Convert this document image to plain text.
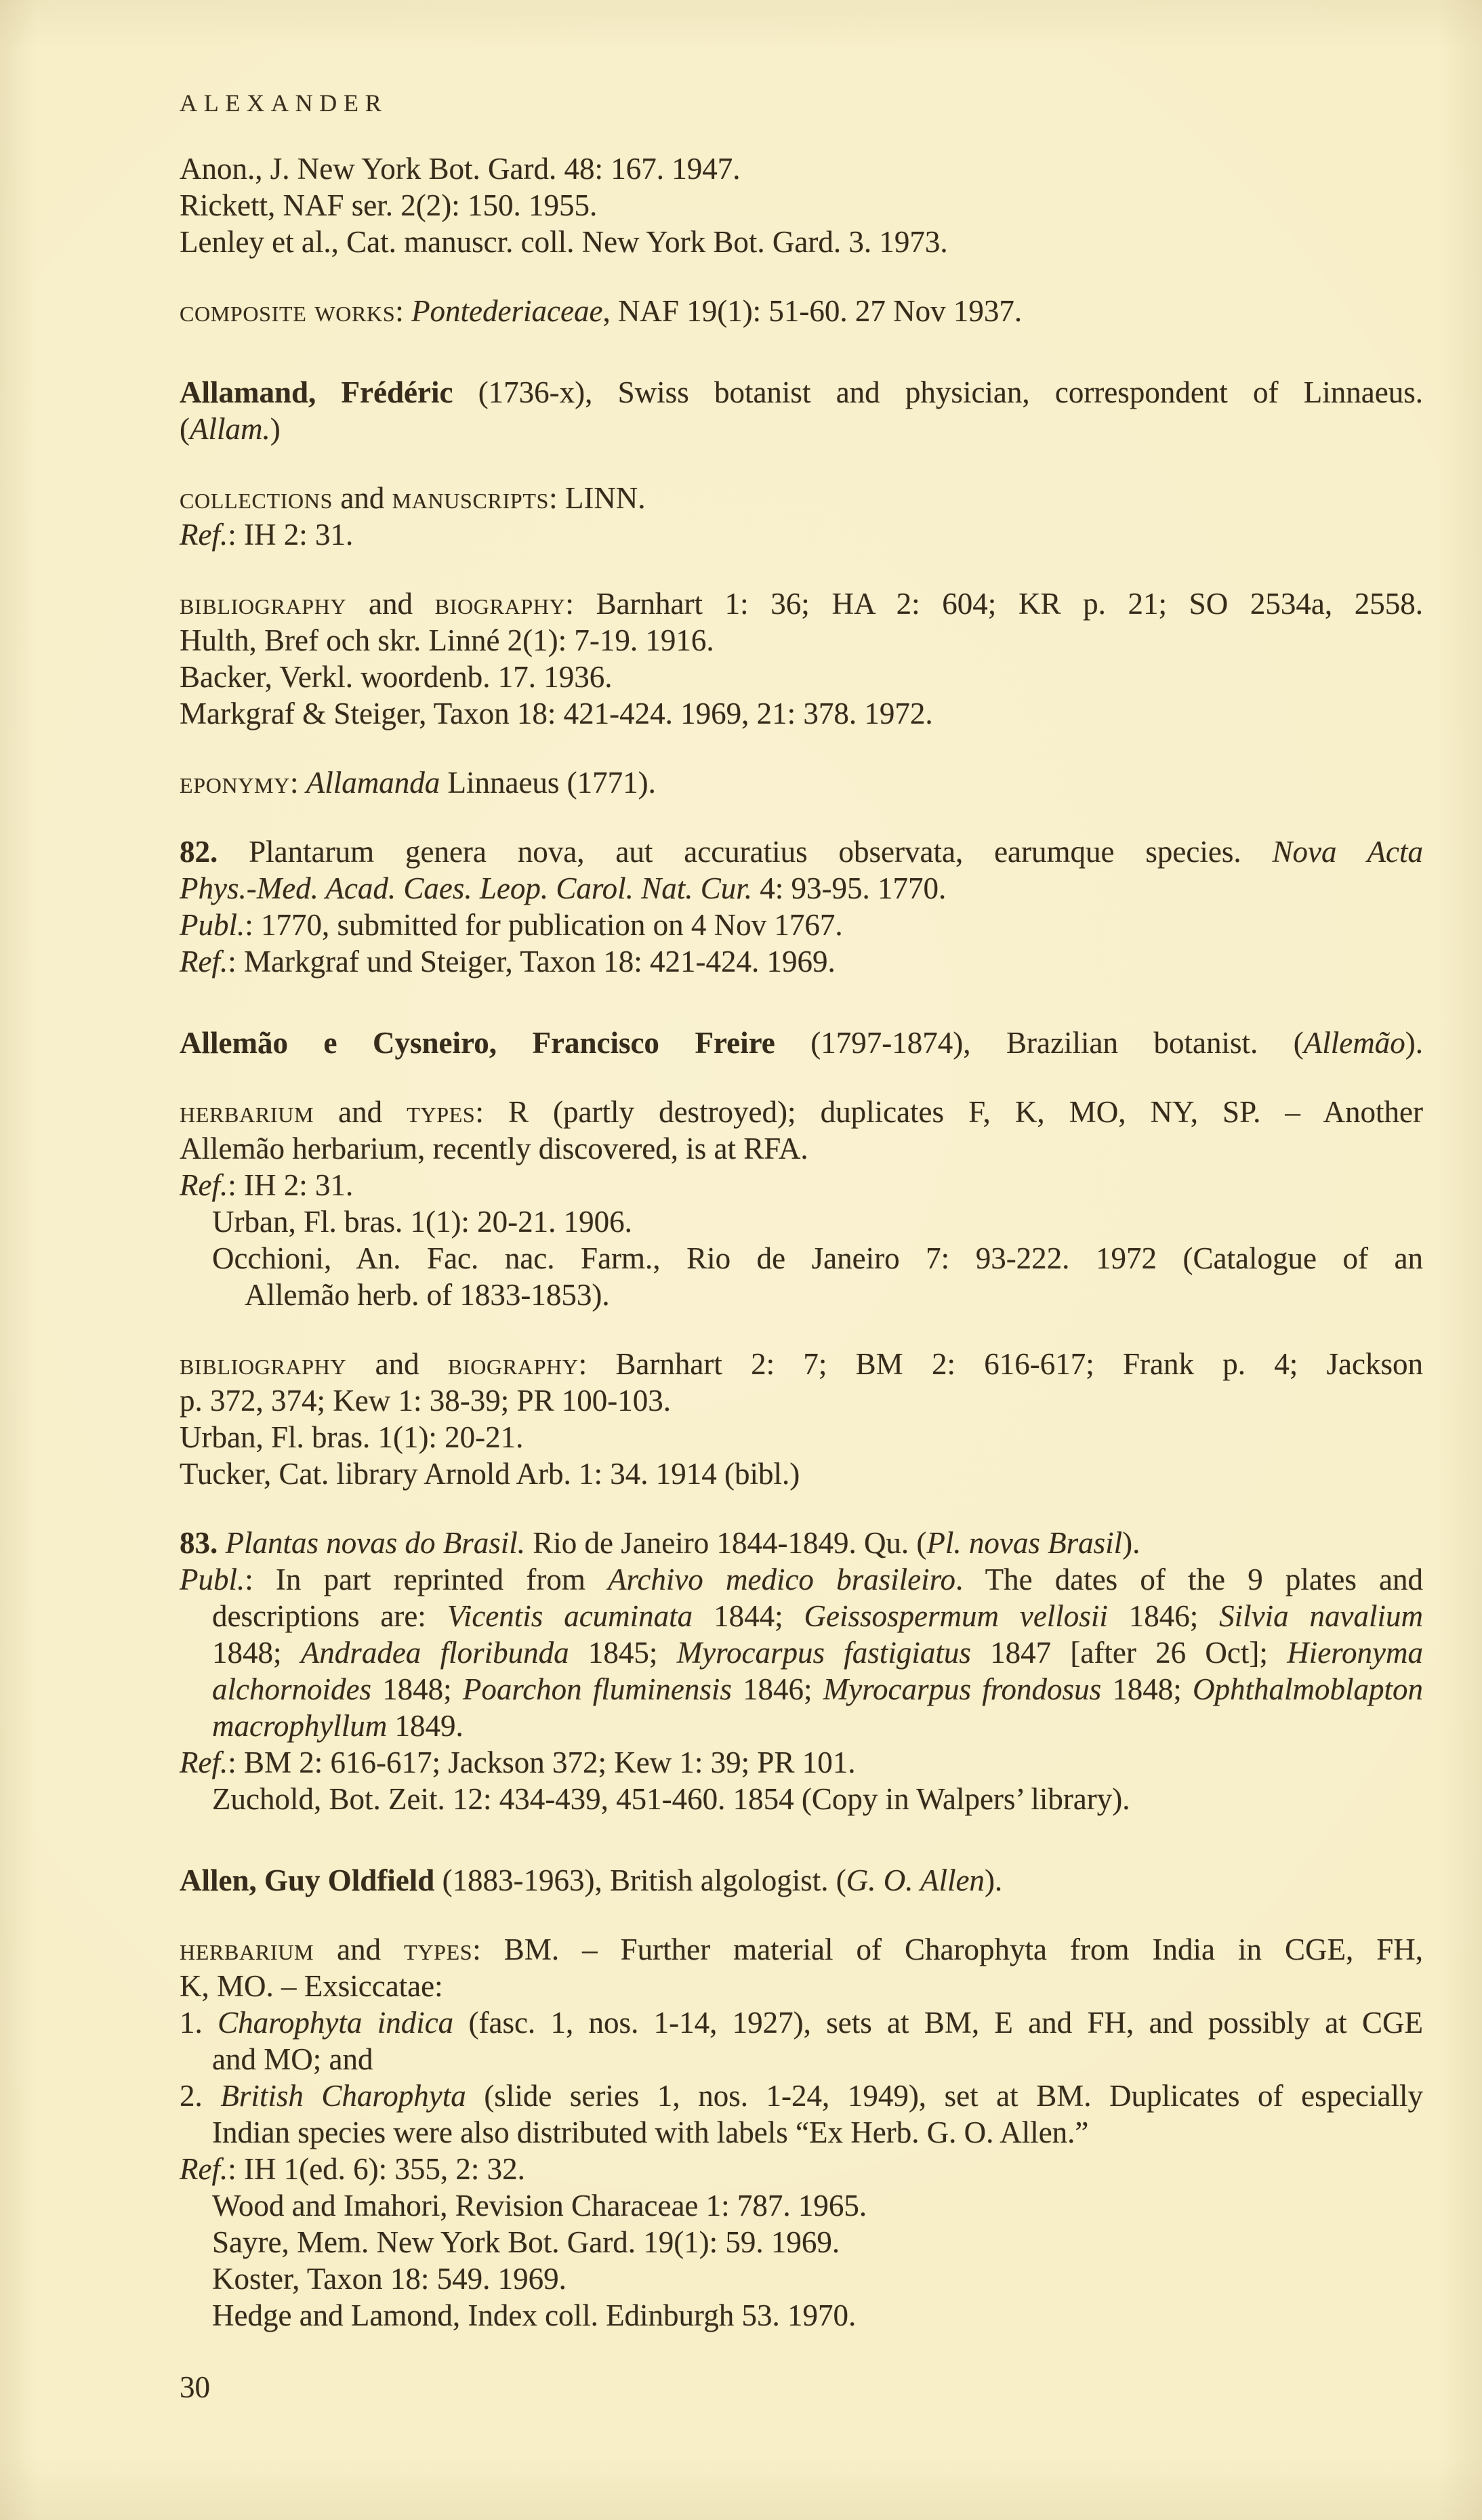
ALEXANDER
Anon., J. New York Bot. Gard. 48: 167. 1947.
Rickett, NAF ser. 2(2): 150. 1955.
Lenley et al., Cat. manuscr. coll. New York Bot. Gard. 3. 1973.
composite works: Pontederiaceae, NAF 19(1): 51-60. 27 Nov 1937.
Allamand, Frédéric (1736-x), Swiss botanist and physician, correspondent of Linnaeus.
(Allam.)
collections and manuscripts: LINN.
Ref.: IH 2: 31.
bibliography and biography: Barnhart 1: 36; HA 2: 604; KR p. 21; SO 2534a, 2558.
Hulth, Bref och skr. Linné 2(1): 7-19. 1916.
Backer, Verkl. woordenb. 17. 1936.
Markgraf & Steiger, Taxon 18: 421-424. 1969, 21: 378. 1972.
eponymy: Allamanda Linnaeus (1771).
82. Plantarum genera nova, aut accuratius observata, earumque species. Nova Acta
Phys.-Med. Acad. Caes. Leop. Carol. Nat. Cur. 4: 93-95. 1770.
Publ.: 1770, submitted for publication on 4 Nov 1767.
Ref.: Markgraf und Steiger, Taxon 18: 421-424. 1969.
Allemão e Cysneiro, Francisco Freire (1797-1874), Brazilian botanist. (Allemão).
herbarium and types: R (partly destroyed); duplicates F, K, MO, NY, SP. – Another
Allemão herbarium, recently discovered, is at RFA.
Ref.: IH 2: 31.
Urban, Fl. bras. 1(1): 20-21. 1906.
Occhioni, An. Fac. nac. Farm., Rio de Janeiro 7: 93-222. 1972 (Catalogue of an
Allemão herb. of 1833-1853).
bibliography and biography: Barnhart 2: 7; BM 2: 616-617; Frank p. 4; Jackson
p. 372, 374; Kew 1: 38-39; PR 100-103.
Urban, Fl. bras. 1(1): 20-21.
Tucker, Cat. library Arnold Arb. 1: 34. 1914 (bibl.)
83. Plantas novas do Brasil. Rio de Janeiro 1844-1849. Qu. (Pl. novas Brasil).
Publ.: In part reprinted from Archivo medico brasileiro. The dates of the 9 plates and
descriptions are: Vicentis acuminata 1844; Geissospermum vellosii 1846; Silvia navalium
1848; Andradea floribunda 1845; Myrocarpus fastigiatus 1847 [after 26 Oct]; Hieronyma
alchornoides 1848; Poarchon fluminensis 1846; Myrocarpus frondosus 1848; Ophthalmoblapton
macrophyllum 1849.
Ref.: BM 2: 616-617; Jackson 372; Kew 1: 39; PR 101.
Zuchold, Bot. Zeit. 12: 434-439, 451-460. 1854 (Copy in Walpers’ library).
Allen, Guy Oldfield (1883-1963), British algologist. (G. O. Allen).
herbarium and types: BM. – Further material of Charophyta from India in CGE, FH,
K, MO. – Exsiccatae:
1. Charophyta indica (fasc. 1, nos. 1-14, 1927), sets at BM, E and FH, and possibly at CGE
and MO; and
2. British Charophyta (slide series 1, nos. 1-24, 1949), set at BM. Duplicates of especially
Indian species were also distributed with labels “Ex Herb. G. O. Allen.”
Ref.: IH 1(ed. 6): 355, 2: 32.
Wood and Imahori, Revision Characeae 1: 787. 1965.
Sayre, Mem. New York Bot. Gard. 19(1): 59. 1969.
Koster, Taxon 18: 549. 1969.
Hedge and Lamond, Index coll. Edinburgh 53. 1970.
30
